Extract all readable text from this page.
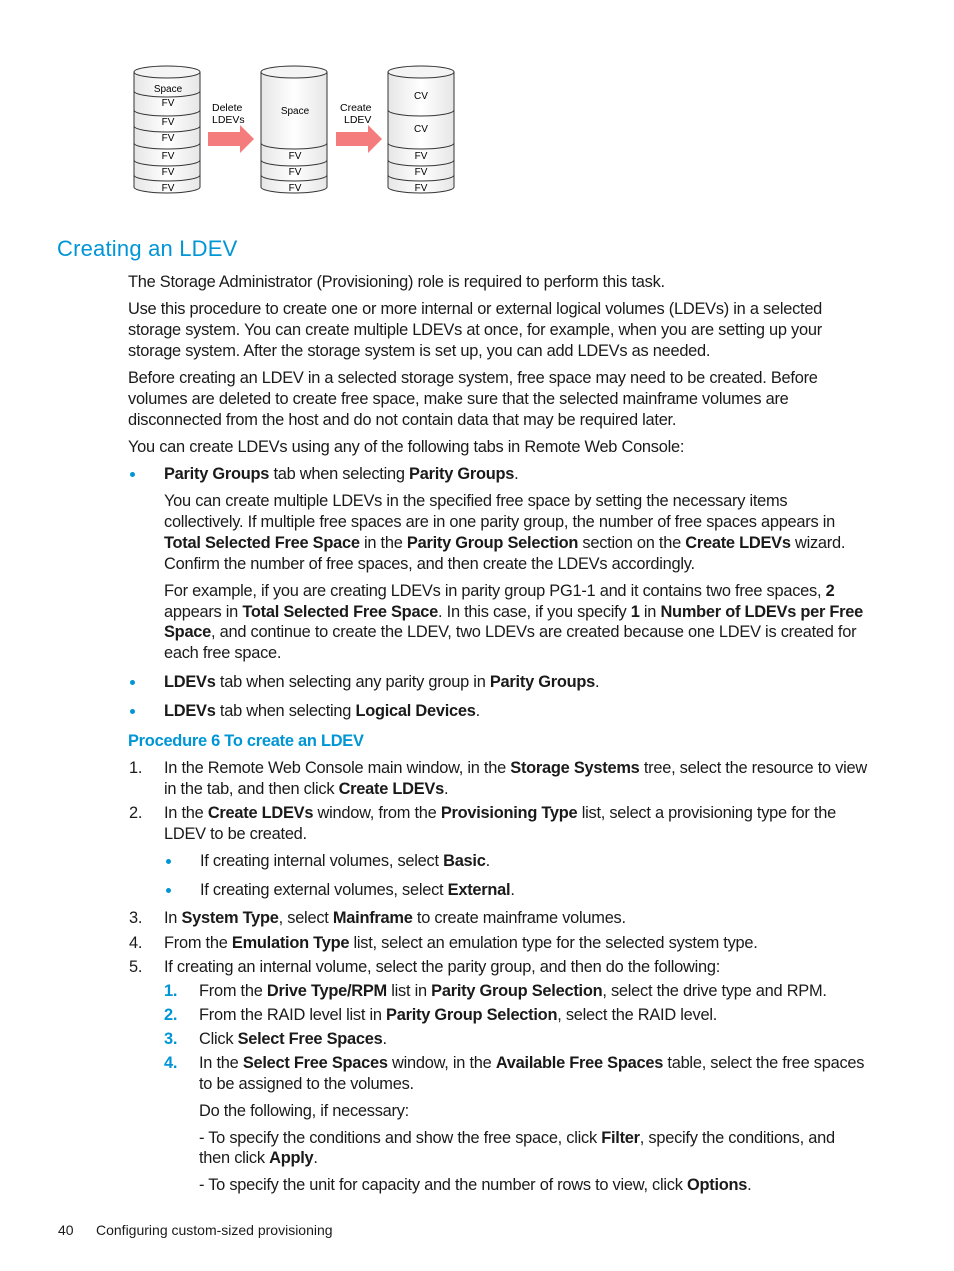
Space
FV
FV
FV
FV
FV
FV
Delete
LDEVs
Space
FV
FV
FV
Create
LDEV
CV
CV
FV
FV
FV
Creating an LDEV

The Storage Administrator (Provisioning) role is required to perform this task.

Use this procedure to create one or more internal or external logical volumes (LDEVs) in a selected storage system. You can create multiple LDEVs at once, for example, when you are setting up your storage system. After the storage system is set up, you can add LDEVs as needed.

Before creating an LDEV in a selected storage system, free space may need to be created. Before volumes are deleted to create free space, make sure that the selected mainframe volumes are disconnected from the host and do not contain data that may be required later.

You can create LDEVs using any of the following tabs in Remote Web Console:

Parity Groups tab when selecting Parity Groups.

You can create multiple LDEVs in the specified free space by setting the necessary items collectively. If multiple free spaces are in one parity group, the number of free spaces appears in Total Selected Free Space in the Parity Group Selection section on the Create LDEVs wizard. Confirm the number of free spaces, and then create the LDEVs accordingly.

For example, if you are creating LDEVs in parity group PG1-1 and it contains two free spaces, 2 appears in Total Selected Free Space. In this case, if you specify 1 in Number of LDEVs per Free Space, and continue to create the LDEV, two LDEVs are created because one LDEV is created for each free space.

LDEVs tab when selecting any parity group in Parity Groups.
LDEVs tab when selecting Logical Devices.
Procedure 6 To create an LDEV
1. In the Remote Web Console main window, in the Storage Systems tree, select the resource to view in the tab, and then click Create LDEVs.
2. In the Create LDEVs window, from the Provisioning Type list, select a provisioning type for the LDEV to be created.
If creating internal volumes, select Basic.
If creating external volumes, select External.
3. In System Type, select Mainframe to create mainframe volumes.
4. From the Emulation Type list, select an emulation type for the selected system type.
5. If creating an internal volume, select the parity group, and then do the following:
1. From the Drive Type/RPM list in Parity Group Selection, select the drive type and RPM.
2. From the RAID level list in Parity Group Selection, select the RAID level.
3. Click Select Free Spaces.
4. In the Select Free Spaces window, in the Available Free Spaces table, select the free spaces to be assigned to the volumes.

Do the following, if necessary:

- To specify the conditions and show the free space, click Filter, specify the conditions, and then click Apply.

- To specify the unit for capacity and the number of rows to view, click Options.

40 Configuring custom-sized provisioning
